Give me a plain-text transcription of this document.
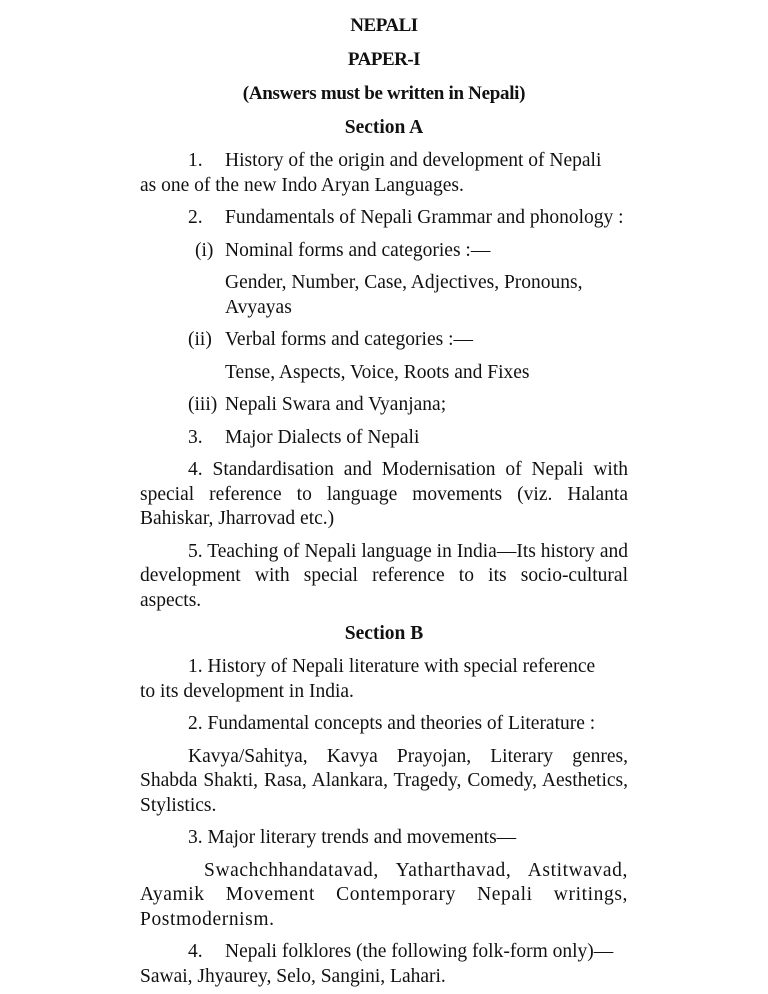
NEPALI
PAPER-I
(Answers must be written in Nepali)
Section A
1.	History of the origin and development of Nepali

as one of the new Indo Aryan Languages.

2.	Fundamentals of Nepali Grammar and phonology :
(i) Nominal forms and categories :—
Gender, Number, Case, Adjectives, Pronouns, Avyayas
(ii) Verbal forms and categories :—
Tense, Aspects, Voice, Roots and Fixes
(iii) Nepali Swara and Vyanjana;
3.	Major Dialects of Nepali

4. Standardisation and Modernisation of Nepali with special reference to language movements (viz. Halanta Bahiskar, Jharrovad etc.)

5. Teaching of Nepali language in India—Its history and development with special reference to its socio-cultural aspects.

Section B

1. History of Nepali literature with special reference

to its development in India.

2. Fundamental concepts and theories of Literature :

Kavya/Sahitya, Kavya Prayojan, Literary genres, Shabda Shakti, Rasa, Alankara, Tragedy, Comedy, Aesthetics, Stylistics.

3. Major literary trends and movements—

Swachchhandatavad, Yatharthavad, Astitwavad, Ayamik Movement Contemporary Nepali writings, Postmodernism.

4.	Nepali folklores (the following folk-form only)—

Sawai, Jhyaurey, Selo, Sangini, Lahari.
